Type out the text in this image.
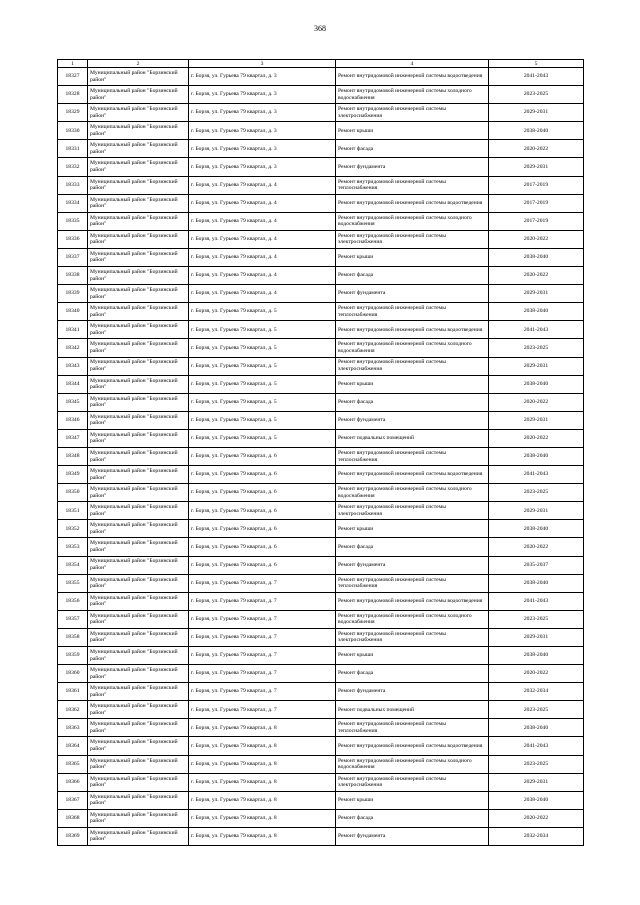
368
1	2	3	4	5
18327	Муниципальный район "Борзинский район"	г. Борзя, ул. Гурьева 79 квартал, д. 3	Ремонт внутридомовой инженерной системы водоотведения	2041-2043
18328	Муниципальный район "Борзинский район"	г. Борзя, ул. Гурьева 79 квартал, д. 3	Ремонт внутридомовой инженерной системы холодного водоснабжения	2023-2025
18329	Муниципальный район "Борзинский район"	г. Борзя, ул. Гурьева 79 квартал, д. 3	Ремонт внутридомовой инженерной системы электроснабжения	2029-2031
18330	Муниципальный район "Борзинский район"	г. Борзя, ул. Гурьева 79 квартал, д. 3	Ремонт крыши	2038-2040
18331	Муниципальный район "Борзинский район"	г. Борзя, ул. Гурьева 79 квартал, д. 3	Ремонт фасада	2020-2022
18332	Муниципальный район "Борзинский район"	г. Борзя, ул. Гурьева 79 квартал, д. 3	Ремонт фундамента	2029-2031
18333	Муниципальный район "Борзинский район"	г. Борзя, ул. Гурьева 79 квартал, д. 4	Ремонт внутридомовой инженерной системы теплоснабжения	2017-2019
18334	Муниципальный район "Борзинский район"	г. Борзя, ул. Гурьева 79 квартал, д. 4	Ремонт внутридомовой инженерной системы водоотведения	2017-2019
18335	Муниципальный район "Борзинский район"	г. Борзя, ул. Гурьева 79 квартал, д. 4	Ремонт внутридомовой инженерной системы холодного водоснабжения	2017-2019
18336	Муниципальный район "Борзинский район"	г. Борзя, ул. Гурьева 79 квартал, д. 4	Ремонт внутридомовой инженерной системы электроснабжения	2020-2022
18337	Муниципальный район "Борзинский район"	г. Борзя, ул. Гурьева 79 квартал, д. 4	Ремонт крыши	2038-2040
18338	Муниципальный район "Борзинский район"	г. Борзя, ул. Гурьева 79 квартал, д. 4	Ремонт фасада	2020-2022
18339	Муниципальный район "Борзинский район"	г. Борзя, ул. Гурьева 79 квартал, д. 4	Ремонт фундамента	2029-2031
18340	Муниципальный район "Борзинский район"	г. Борзя, ул. Гурьева 79 квартал, д. 5	Ремонт внутридомовой инженерной системы теплоснабжения	2038-2040
18341	Муниципальный район "Борзинский район"	г. Борзя, ул. Гурьева 79 квартал, д. 5	Ремонт внутридомовой инженерной системы водоотведения	2041-2043
18342	Муниципальный район "Борзинский район"	г. Борзя, ул. Гурьева 79 квартал, д. 5	Ремонт внутридомовой инженерной системы холодного водоснабжения	2023-2025
18343	Муниципальный район "Борзинский район"	г. Борзя, ул. Гурьева 79 квартал, д. 5	Ремонт внутридомовой инженерной системы электроснабжения	2029-2031
18344	Муниципальный район "Борзинский район"	г. Борзя, ул. Гурьева 79 квартал, д. 5	Ремонт крыши	2038-2040
18345	Муниципальный район "Борзинский район"	г. Борзя, ул. Гурьева 79 квартал, д. 5	Ремонт фасада	2020-2022
18346	Муниципальный район "Борзинский район"	г. Борзя, ул. Гурьева 79 квартал, д. 5	Ремонт фундамента	2029-2031
18347	Муниципальный район "Борзинский район"	г. Борзя, ул. Гурьева 79 квартал, д. 5	Ремонт подвальных помещений	2020-2022
18348	Муниципальный район "Борзинский район"	г. Борзя, ул. Гурьева 79 квартал, д. 6	Ремонт внутридомовой инженерной системы теплоснабжения	2038-2040
18349	Муниципальный район "Борзинский район"	г. Борзя, ул. Гурьева 79 квартал, д. 6	Ремонт внутридомовой инженерной системы водоотведения	2041-2043
18350	Муниципальный район "Борзинский район"	г. Борзя, ул. Гурьева 79 квартал, д. 6	Ремонт внутридомовой инженерной системы холодного водоснабжения	2023-2025
18351	Муниципальный район "Борзинский район"	г. Борзя, ул. Гурьева 79 квартал, д. 6	Ремонт внутридомовой инженерной системы электроснабжения	2029-2031
18352	Муниципальный район "Борзинский район"	г. Борзя, ул. Гурьева 79 квартал, д. 6	Ремонт крыши	2038-2040
18353	Муниципальный район "Борзинский район"	г. Борзя, ул. Гурьева 79 квартал, д. 6	Ремонт фасада	2020-2022
18354	Муниципальный район "Борзинский район"	г. Борзя, ул. Гурьева 79 квартал, д. 6	Ремонт фундамента	2035-2037
18355	Муниципальный район "Борзинский район"	г. Борзя, ул. Гурьева 79 квартал, д. 7	Ремонт внутридомовой инженерной системы теплоснабжения	2038-2040
18356	Муниципальный район "Борзинский район"	г. Борзя, ул. Гурьева 79 квартал, д. 7	Ремонт внутридомовой инженерной системы водоотведения	2041-2043
18357	Муниципальный район "Борзинский район"	г. Борзя, ул. Гурьева 79 квартал, д. 7	Ремонт внутридомовой инженерной системы холодного водоснабжения	2023-2025
18358	Муниципальный район "Борзинский район"	г. Борзя, ул. Гурьева 79 квартал, д. 7	Ремонт внутридомовой инженерной системы электроснабжения	2029-2031
18359	Муниципальный район "Борзинский район"	г. Борзя, ул. Гурьева 79 квартал, д. 7	Ремонт крыши	2038-2040
18360	Муниципальный район "Борзинский район"	г. Борзя, ул. Гурьева 79 квартал, д. 7	Ремонт фасада	2020-2022
18361	Муниципальный район "Борзинский район"	г. Борзя, ул. Гурьева 79 квартал, д. 7	Ремонт фундамента	2032-2034
18362	Муниципальный район "Борзинский район"	г. Борзя, ул. Гурьева 79 квартал, д. 7	Ремонт подвальных помещений	2023-2025
18363	Муниципальный район "Борзинский район"	г. Борзя, ул. Гурьева 79 квартал, д. 8	Ремонт внутридомовой инженерной системы теплоснабжения	2038-2040
18364	Муниципальный район "Борзинский район"	г. Борзя, ул. Гурьева 79 квартал, д. 8	Ремонт внутридомовой инженерной системы водоотведения	2041-2043
18365	Муниципальный район "Борзинский район"	г. Борзя, ул. Гурьева 79 квартал, д. 8	Ремонт внутридомовой инженерной системы холодного водоснабжения	2023-2025
18366	Муниципальный район "Борзинский район"	г. Борзя, ул. Гурьева 79 квартал, д. 8	Ремонт внутридомовой инженерной системы электроснабжения	2029-2031
18367	Муниципальный район "Борзинский район"	г. Борзя, ул. Гурьева 79 квартал, д. 8	Ремонт крыши	2038-2040
18368	Муниципальный район "Борзинский район"	г. Борзя, ул. Гурьева 79 квартал, д. 8	Ремонт фасада	2020-2022
18369	Муниципальный район "Борзинский район"	г. Борзя, ул. Гурьева 79 квартал, д. 8	Ремонт фундамента	2032-2034
